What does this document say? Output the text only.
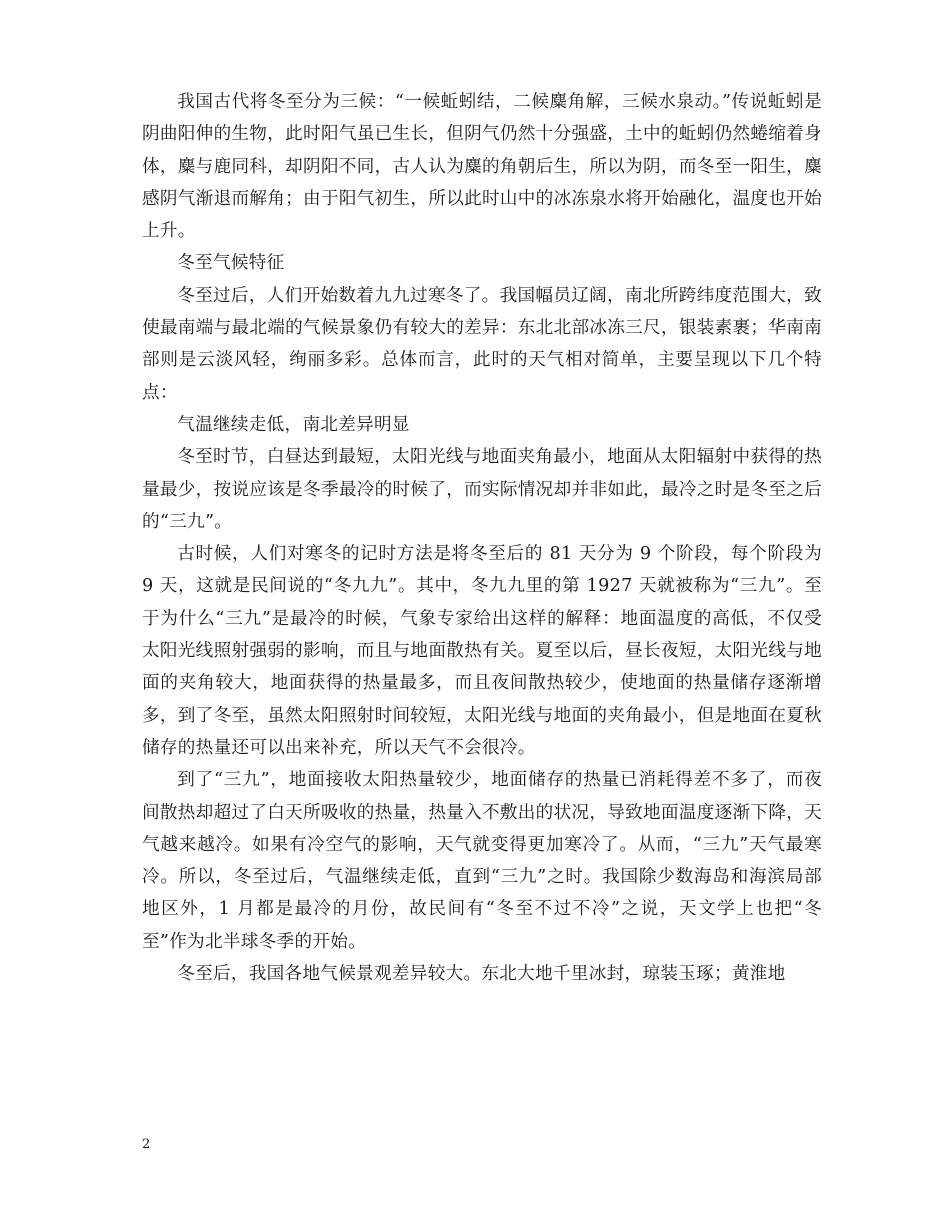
我国古代将冬至分为三候：“一候蚯蚓结，二候麋角解，三候水泉动。”传说蚯蚓是阴曲阳伸的生物，此时阳气虽已生长，但阴气仍然十分强盛，土中的蚯蚓仍然蜷缩着身体，麋与鹿同科，却阴阳不同，古人认为麋的角朝后生，所以为阴，而冬至一阳生，麋感阴气渐退而解角；由于阳气初生，所以此时山中的冰冻泉水将开始融化，温度也开始上升。

冬至气候特征

冬至过后，人们开始数着九九过寒冬了。我国幅员辽阔，南北所跨纬度范围大，致使最南端与最北端的气候景象仍有较大的差异：东北北部冰冻三尺，银装素裹；华南南部则是云淡风轻，绚丽多彩。总体而言，此时的天气相对简单，主要呈现以下几个特点：

气温继续走低，南北差异明显

冬至时节，白昼达到最短，太阳光线与地面夹角最小，地面从太阳辐射中获得的热量最少，按说应该是冬季最冷的时候了，而实际情况却并非如此，最冷之时是冬至之后的“三九”。

古时候，人们对寒冬的记时方法是将冬至后的 81 天分为 9 个阶段，每个阶段为 9 天，这就是民间说的“冬九九”。其中，冬九九里的第 1927 天就被称为“三九”。至于为什么“三九”是最冷的时候，气象专家给出这样的解释：地面温度的高低，不仅受太阳光线照射强弱的影响，而且与地面散热有关。夏至以后，昼长夜短，太阳光线与地面的夹角较大，地面获得的热量最多，而且夜间散热较少，使地面的热量储存逐渐增多，到了冬至，虽然太阳照射时间较短，太阳光线与地面的夹角最小，但是地面在夏秋储存的热量还可以出来补充，所以天气不会很冷。

到了“三九”，地面接收太阳热量较少，地面储存的热量已消耗得差不多了，而夜间散热却超过了白天所吸收的热量，热量入不敷出的状况，导致地面温度逐渐下降，天气越来越冷。如果有冷空气的影响，天气就变得更加寒冷了。从而，“三九”天气最寒冷。所以，冬至过后，气温继续走低，直到“三九”之时。我国除少数海岛和海滨局部地区外，1 月都是最冷的月份，故民间有“冬至不过不冷”之说，天文学上也把“冬至”作为北半球冬季的开始。

冬至后，我国各地气候景观差异较大。东北大地千里冰封，琼装玉琢；黄淮地

2
